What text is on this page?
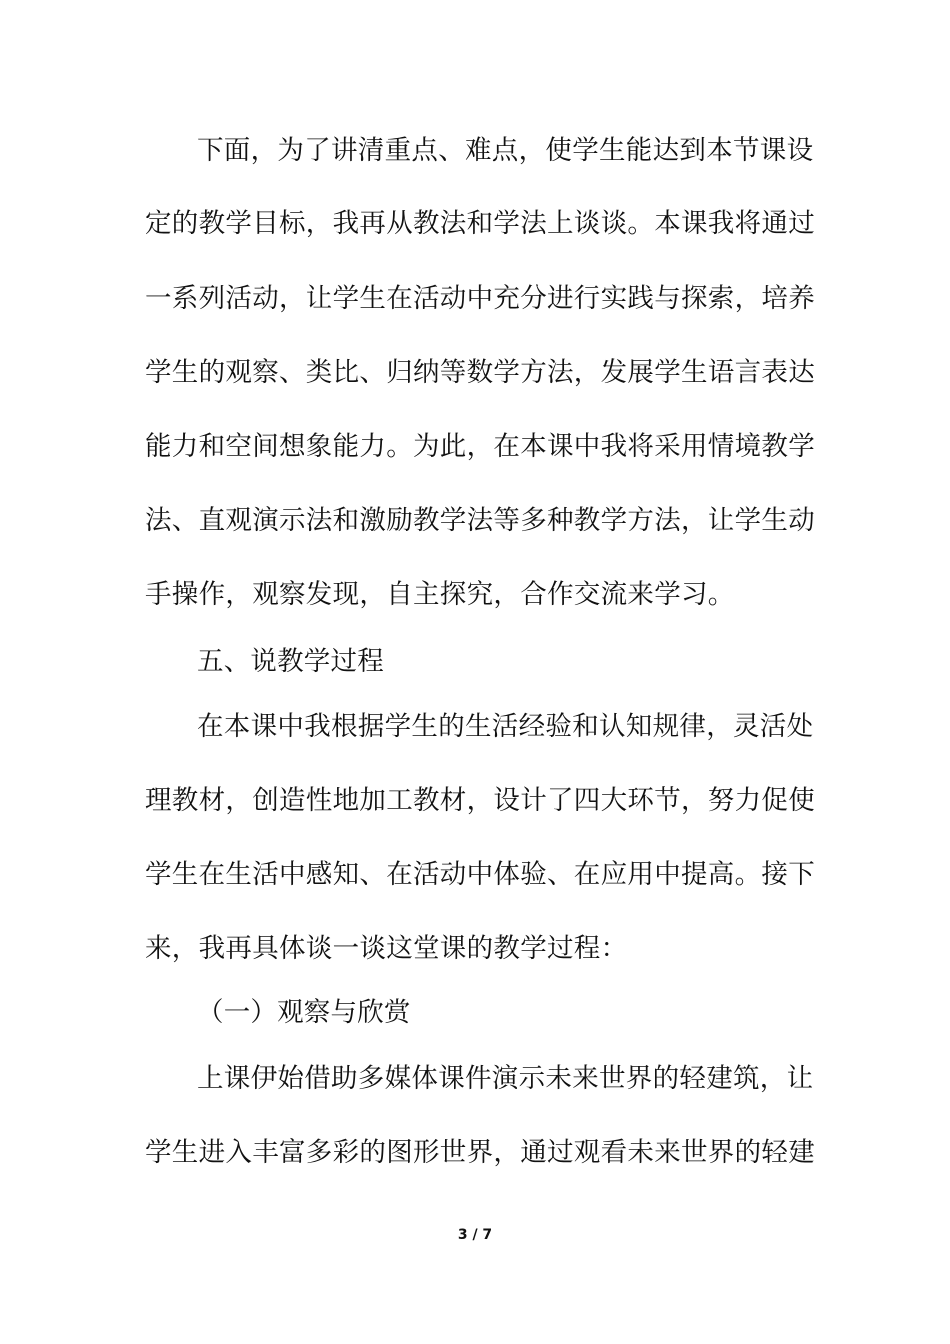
下面，为了讲清重点、难点，使学生能达到本节课设
定的教学目标，我再从教法和学法上谈谈。本课我将通过
一系列活动，让学生在活动中充分进行实践与探索，培养
学生的观察、类比、归纳等数学方法，发展学生语言表达
能力和空间想象能力。为此，在本课中我将采用情境教学
法、直观演示法和激励教学法等多种教学方法，让学生动
手操作，观察发现，自主探究，合作交流来学习。
五、说教学过程
在本课中我根据学生的生活经验和认知规律，灵活处
理教材，创造性地加工教材，设计了四大环节，努力促使
学生在生活中感知、在活动中体验、在应用中提高。接下
来，我再具体谈一谈这堂课的教学过程：
（一）观察与欣赏
上课伊始借助多媒体课件演示未来世界的轻建筑，让
学生进入丰富多彩的图形世界，通过观看未来世界的轻建
3 / 7
